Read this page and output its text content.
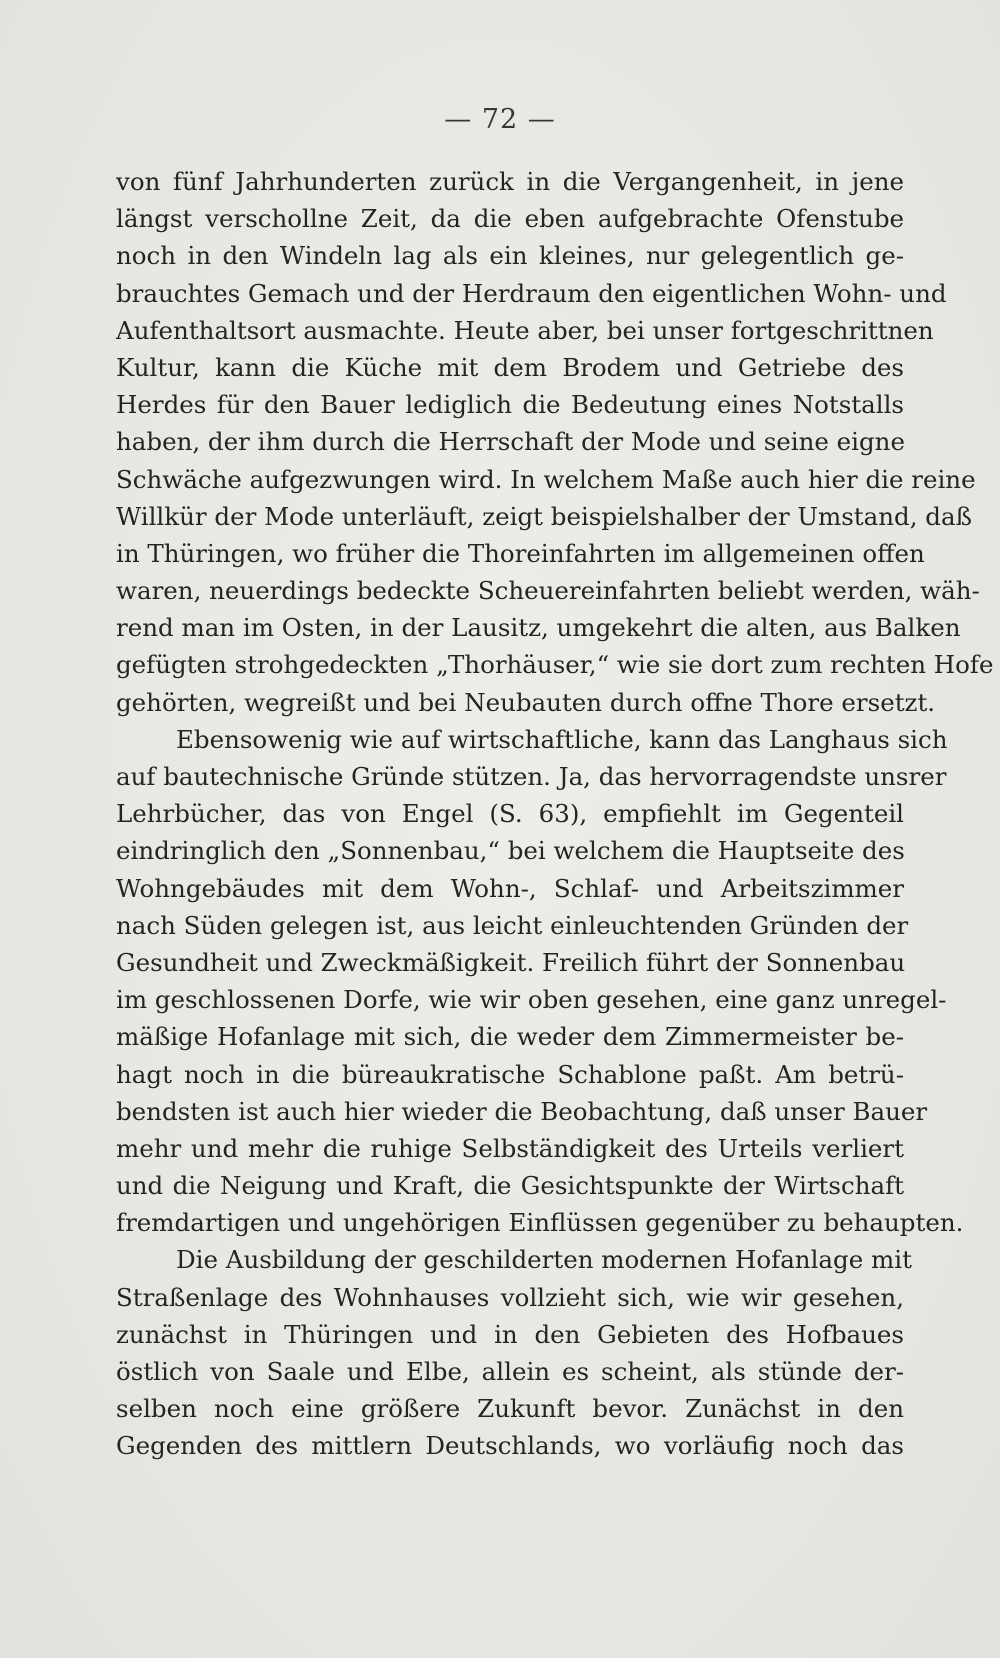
— 72 —
von fünf Jahrhunderten zurück in die Vergangenheit, in jene
längst verschollne Zeit, da die eben aufgebrachte Ofenstube
noch in den Windeln lag als ein kleines, nur gelegentlich ge-
brauchtes Gemach und der Herdraum den eigentlichen Wohn- und
Aufenthaltsort ausmachte. Heute aber, bei unser fortgeschrittnen
Kultur, kann die Küche mit dem Brodem und Getriebe des
Herdes für den Bauer lediglich die Bedeutung eines Notstalls
haben, der ihm durch die Herrschaft der Mode und seine eigne
Schwäche aufgezwungen wird. In welchem Maße auch hier die reine
Willkür der Mode unterläuft, zeigt beispielshalber der Umstand, daß
in Thüringen, wo früher die Thoreinfahrten im allgemeinen offen
waren, neuerdings bedeckte Scheuereinfahrten beliebt werden, wäh-
rend man im Osten, in der Lausitz, umgekehrt die alten, aus Balken
gefügten strohgedeckten „Thorhäuser,“ wie sie dort zum rechten Hofe
gehörten, wegreißt und bei Neubauten durch offne Thore ersetzt.
Ebensowenig wie auf wirtschaftliche, kann das Langhaus sich
auf bautechnische Gründe stützen. Ja, das hervorragendste unsrer
Lehrbücher, das von Engel (S. 63), empfiehlt im Gegenteil
eindringlich den „Sonnenbau,“ bei welchem die Hauptseite des
Wohngebäudes mit dem Wohn-, Schlaf- und Arbeitszimmer
nach Süden gelegen ist, aus leicht einleuchtenden Gründen der
Gesundheit und Zweckmäßigkeit. Freilich führt der Sonnenbau
im geschlossenen Dorfe, wie wir oben gesehen, eine ganz unregel-
mäßige Hofanlage mit sich, die weder dem Zimmermeister be-
hagt noch in die büreaukratische Schablone paßt. Am betrü-
bendsten ist auch hier wieder die Beobachtung, daß unser Bauer
mehr und mehr die ruhige Selbständigkeit des Urteils verliert
und die Neigung und Kraft, die Gesichtspunkte der Wirtschaft
fremdartigen und ungehörigen Einflüssen gegenüber zu behaupten.
Die Ausbildung der geschilderten modernen Hofanlage mit
Straßenlage des Wohnhauses vollzieht sich, wie wir gesehen,
zunächst in Thüringen und in den Gebieten des Hofbaues
östlich von Saale und Elbe, allein es scheint, als stünde der-
selben noch eine größere Zukunft bevor. Zunächst in den
Gegenden des mittlern Deutschlands, wo vorläufig noch das
